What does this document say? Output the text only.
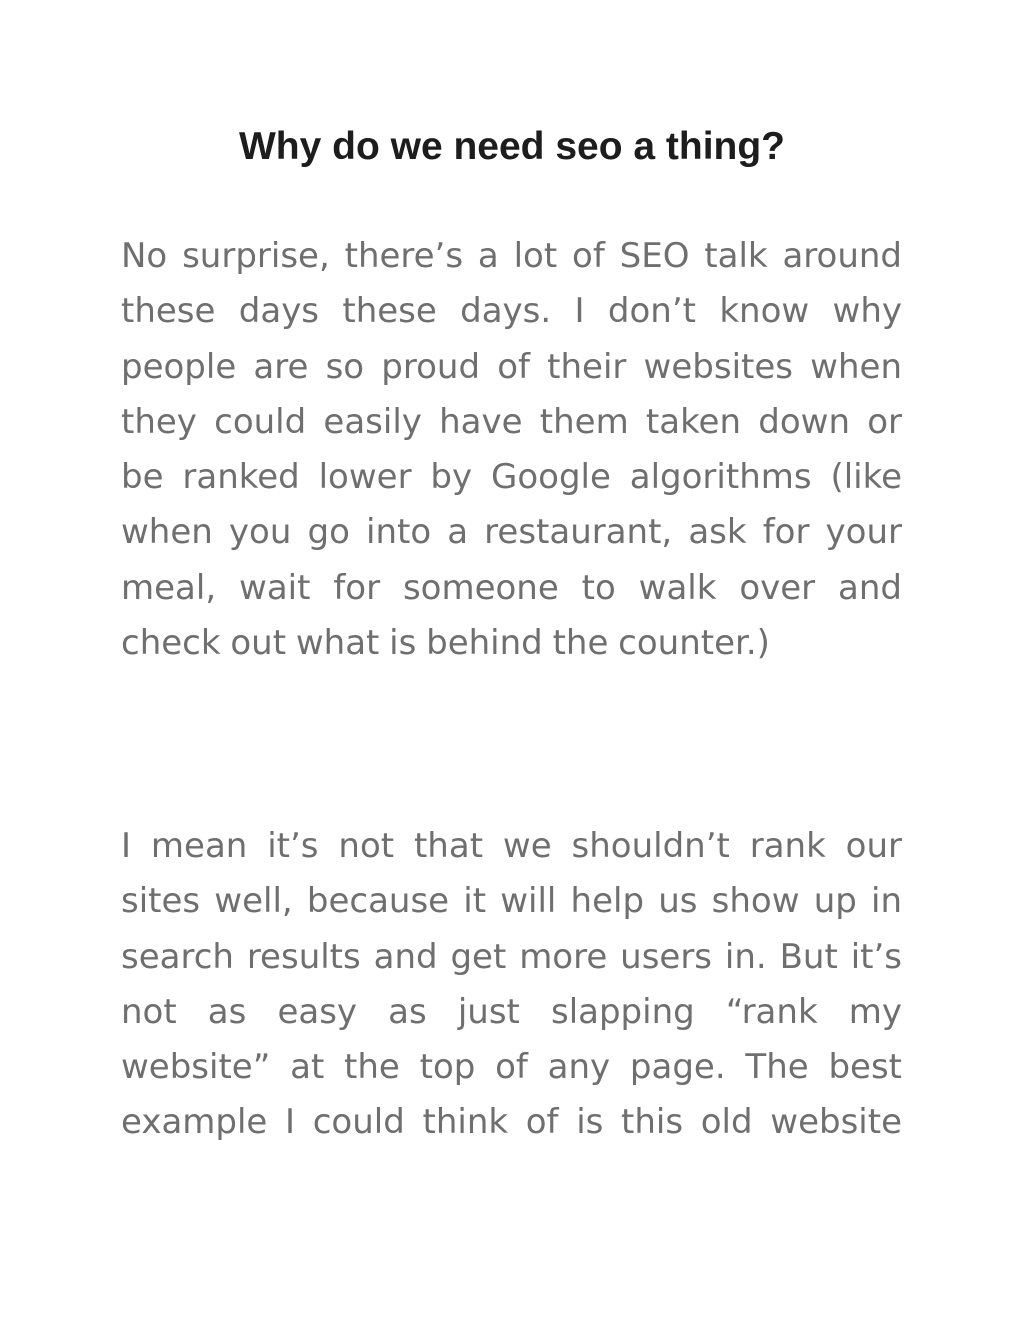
Why do we need seo a thing?

No surprise, there’s a lot of SEO talk around these days these days. I don’t know why people are so proud of their websites when they could easily have them taken down or be ranked lower by Google algorithms (like when you go into a restaurant, ask for your meal, wait for someone to walk over and check out what is behind the counter.)

I mean it’s not that we shouldn’t rank our sites well, because it will help us show up in search results and get more users in. But it’s not as easy as just slapping “rank my website” at the top of any page. The best example I could think of is this old website
